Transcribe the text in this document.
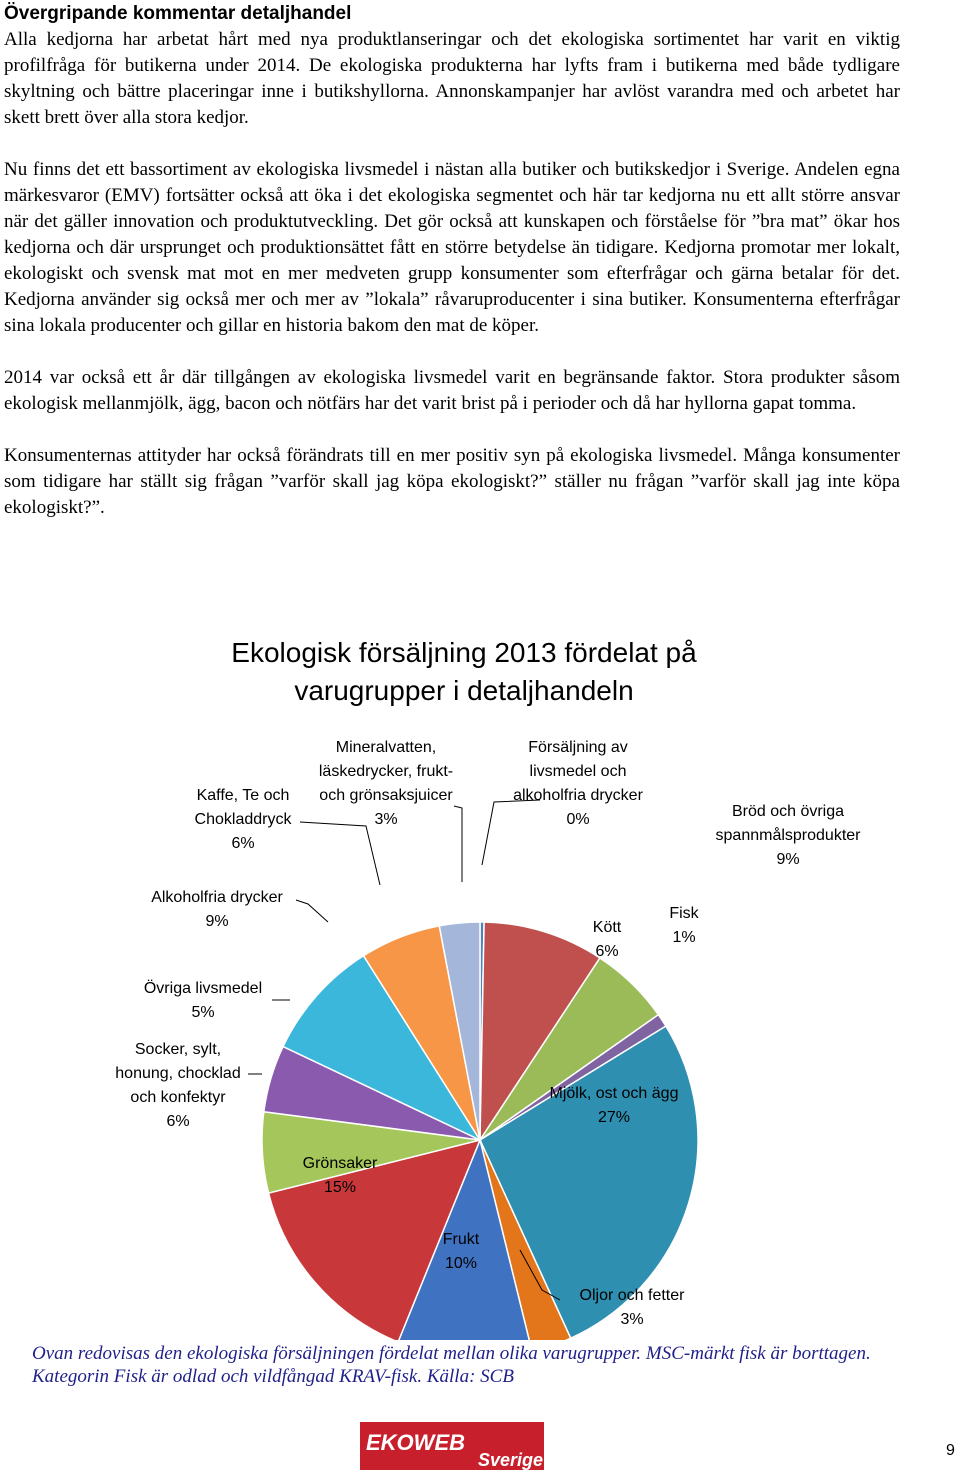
Övergripande kommentar detaljhandel

Alla kedjorna har arbetat hårt med nya produktlanseringar och det ekologiska sortimentet har varit en viktig profilfråga för butikerna under 2014. De ekologiska produkterna har lyfts fram i butikerna med både tydligare skyltning och bättre placeringar inne i butikshyllorna. Annonskampanjer har avlöst varandra med och arbetet har skett brett över alla stora kedjor.

Nu finns det ett bassortiment av ekologiska livsmedel i nästan alla butiker och butikskedjor i Sverige. Andelen egna märkesvaror (EMV) fortsätter också att öka i det ekologiska segmentet och här tar kedjorna nu ett allt större ansvar när det gäller innovation och produktutveckling. Det gör också att kunskapen och förståelse för ”bra mat” ökar hos kedjorna och där ursprunget och produktionsättet fått en större betydelse än tidigare. Kedjorna promotar mer lokalt, ekologiskt och svensk mat mot en mer medveten grupp konsumenter som efterfrågar och gärna betalar för det. Kedjorna använder sig också mer och mer av ”lokala” råvaruproducenter i sina butiker. Konsumenterna efterfrågar sina lokala producenter och gillar en historia bakom den mat de köper.

2014 var också ett år där tillgången av ekologiska livsmedel varit en begränsande faktor. Stora produkter såsom ekologisk mellanmjölk, ägg, bacon och nötfärs har det varit brist på i perioder och då har hyllorna gapat tomma.

Konsumenternas attityder har också förändrats till en mer positiv syn på ekologiska livsmedel. Många konsumenter som tidigare har ställt sig frågan ”varför skall jag köpa ekologiskt?” ställer nu frågan ”varför skall jag inte köpa ekologiskt?”.

Ekologisk försäljning 2013 fördelat på
varugrupper i detaljhandeln
Försäljning av livsmedel och alkoholfria drycker 0%	Bröd och övriga spannmålsprodukter 9%
Kött 6%
Fisk 1%
Mjölk, ost och ägg 27%
Oljor och fetter 3%
Frukt 10%
Grönsaker 15%
Socker, sylt, honung, chocklad och konfektyr 6%
Övriga livsmedel 5%
Alkoholfria drycker 9%
Kaffe, Te och Chokladdryck 6%
Mineralvatten, läskedrycker, frukt-och grönsaksjuicer 3%

Ovan redovisas den ekologiska försäljningen fördelat mellan olika varugrupper. MSC-märkt fisk är borttagen. Kategorin Fisk är odlad och vildfångad KRAV-fisk. Källa: SCB

EKOWEB
Sverige	9
